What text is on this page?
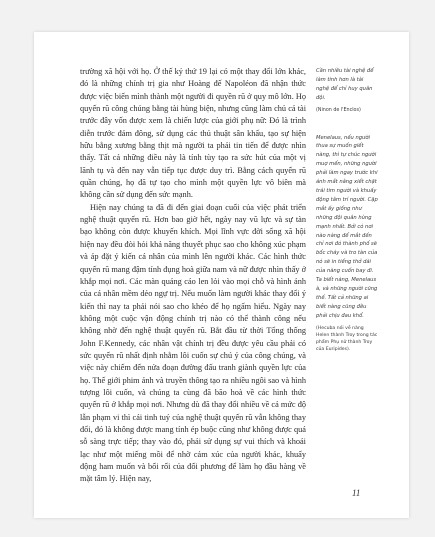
trường xã hội với họ. Ở thế kỷ thứ 19 lại có một thay đổi lớn khác, đó là những chính trị gia như Hoàng đế Napoléon đã nhận thức được việc biến mình thành một người đi quyền rũ ở quy mô lớn. Họ quyến rũ công chúng bằng tài hùng biện, nhưng cũng làm chủ cả tài trước đây vốn được xem là chiến lược của giới phụ nữ: Đó là trình diễn trước đám đông, sử dụng các thủ thuật sân khấu, tạo sự hiện hữu bằng xương bằng thịt mà người ta phải tin tiến để được nhìn thấy. Tất cả những điều này là tính tùy tạo ra sức hút của một vị lãnh tụ và đến nay vẫn tiếp tục được duy trì. Bằng cách quyến rũ quần chúng, họ đã tự tạo cho mình một quyền lực vô biên mà không cần sử dụng đến sức mạnh.

Hiện nay chúng ta đã đi đến giai đoạn cuối của việc phát triển nghệ thuật quyến rũ. Hơn bao giờ hết, ngày nay vũ lực và sự tàn bạo không còn được khuyến khích. Mọi lĩnh vực đời sống xã hội hiện nay đều đòi hỏi khả năng thuyết phục sao cho không xúc phạm và áp đặt ý kiến cá nhân của mình lên người khác. Các hình thức quyến rũ mang đậm tính đụng hoà giữa nam và nữ được nhìn thấy ở khắp mọi nơi. Các màn quảng cáo len lỏi vào mọi chỗ và hình ảnh của cá nhân mềm dẻo ngự trị. Nếu muốn làm người khác thay đổi ý kiến thì nay ta phải nói sao cho khéo để họ ngấm hiểu. Ngày nay không một cuộc vận động chính trị nào có thể thành công nếu không nhờ đến nghệ thuật quyến rũ. Bắt đầu từ thời Tổng thống John F.Kennedy, các nhân vật chính trị đều được yêu cầu phải có sức quyến rũ nhất định nhằm lôi cuốn sự chú ý của công chúng, và việc này chiếm đến nửa đoạn đường đấu tranh giành quyền lực của họ. Thế giới phim ảnh và truyền thông tạo ra nhiều ngôi sao và hình tượng lôi cuốn, và chúng ta cùng đã bão hoà về các hình thức quyến rũ ở khắp mọi nơi. Nhưng dù đã thay đổi nhiều về cả mức độ lẫn phạm vi thì cái tinh tuý của nghệ thuật quyến rũ vẫn không thay đổi, đó là không được mang tính ép buộc cũng như không được quá sỗ sàng trực tiếp; thay vào đó, phải sử dụng sự vui thích và khoái lạc như một miếng mồi để nhờ cảm xúc của người khác, khuấy động ham muốn và bối rối của đối phương để làm họ đầu hàng về mặt tâm lý. Hiện nay,

Cần nhiều tài nghệ để làm tình hơn là tài nghệ để chỉ huy quân đội.

(Ninon de l'Enclos)

Menelaus, nếu người thua sự muốn giết nàng, thì tự chúc người muợ mến, những người phải làm ngay trước khi ánh mắt nâng xiết chặt trái tim người và khuấy động tâm trí người. Cặp mắt ấy giống như những đội quân hùng mạnh nhất. Bởi có nơi nào nàng để mắt đến chỉ nơi đó thành phố sẽ bốc cháy và tro tàn của nó sẽ in tiếng thở dài của nàng cuốn bay đi. Ta biết nàng, Menelaus à, và những người cũng thế. Tất cả những ai biết nàng cũng đều phải chịu đau khổ.

(Hecuba nói về nàng Helen thành Troy trong tác phẩm Phụ nữ thành Troy của Euripides).

11
